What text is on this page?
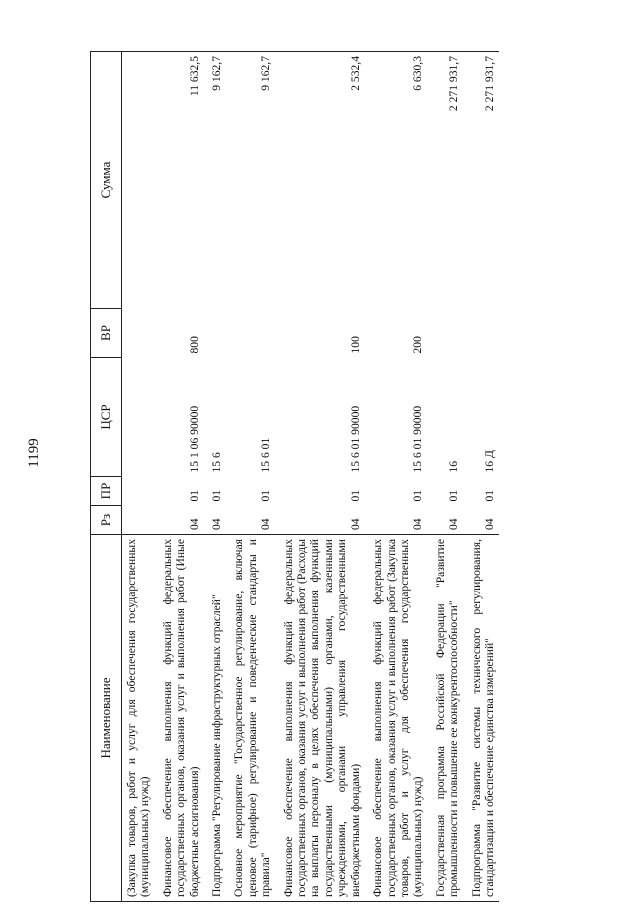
1199
Наименование	Рз	ПР	ЦСР	ВР	Сумма
(Закупка товаров, работ и услуг для обеспечения государственных (муниципальных) нужд)					
Финансовое обеспечение выполнения функций федеральных государственных органов, оказания услуг и выполнения работ (Иные бюджетные ассигнования)	04	01	15 1 06 90000	800	11 632,5
Подпрограмма "Регулирование инфраструктурных отраслей"	04	01	15 6		9 162,7
Основное мероприятие "Государственное регулирование, включая ценовое (тарифное) регулирование и поведенческие стандарты и правила"	04	01	15 6 01		9 162,7
Финансовое обеспечение выполнения функций федеральных государственных органов, оказания услуг и выполнения работ (Расходы на выплаты персоналу в целях обеспечения выполнения функций государственными (муниципальными) органами, казенными учреждениями, органами управления государственными внебюджетными фондами)	04	01	15 6 01 90000	100	2 532,4
Финансовое обеспечение выполнения функций федеральных государственных органов, оказания услуг и выполнения работ (Закупка товаров, работ и услуг для обеспечения государственных (муниципальных) нужд)	04	01	15 6 01 90000	200	6 630,3
Государственная программа Российской Федерации "Развитие промышленности и повышение ее конкурентоспособности"	04	01	16		2 271 931,7
Подпрограмма "Развитие системы технического регулирования, стандартизации и обеспечение единства измерений"	04	01	16 Д		2 271 931,7
